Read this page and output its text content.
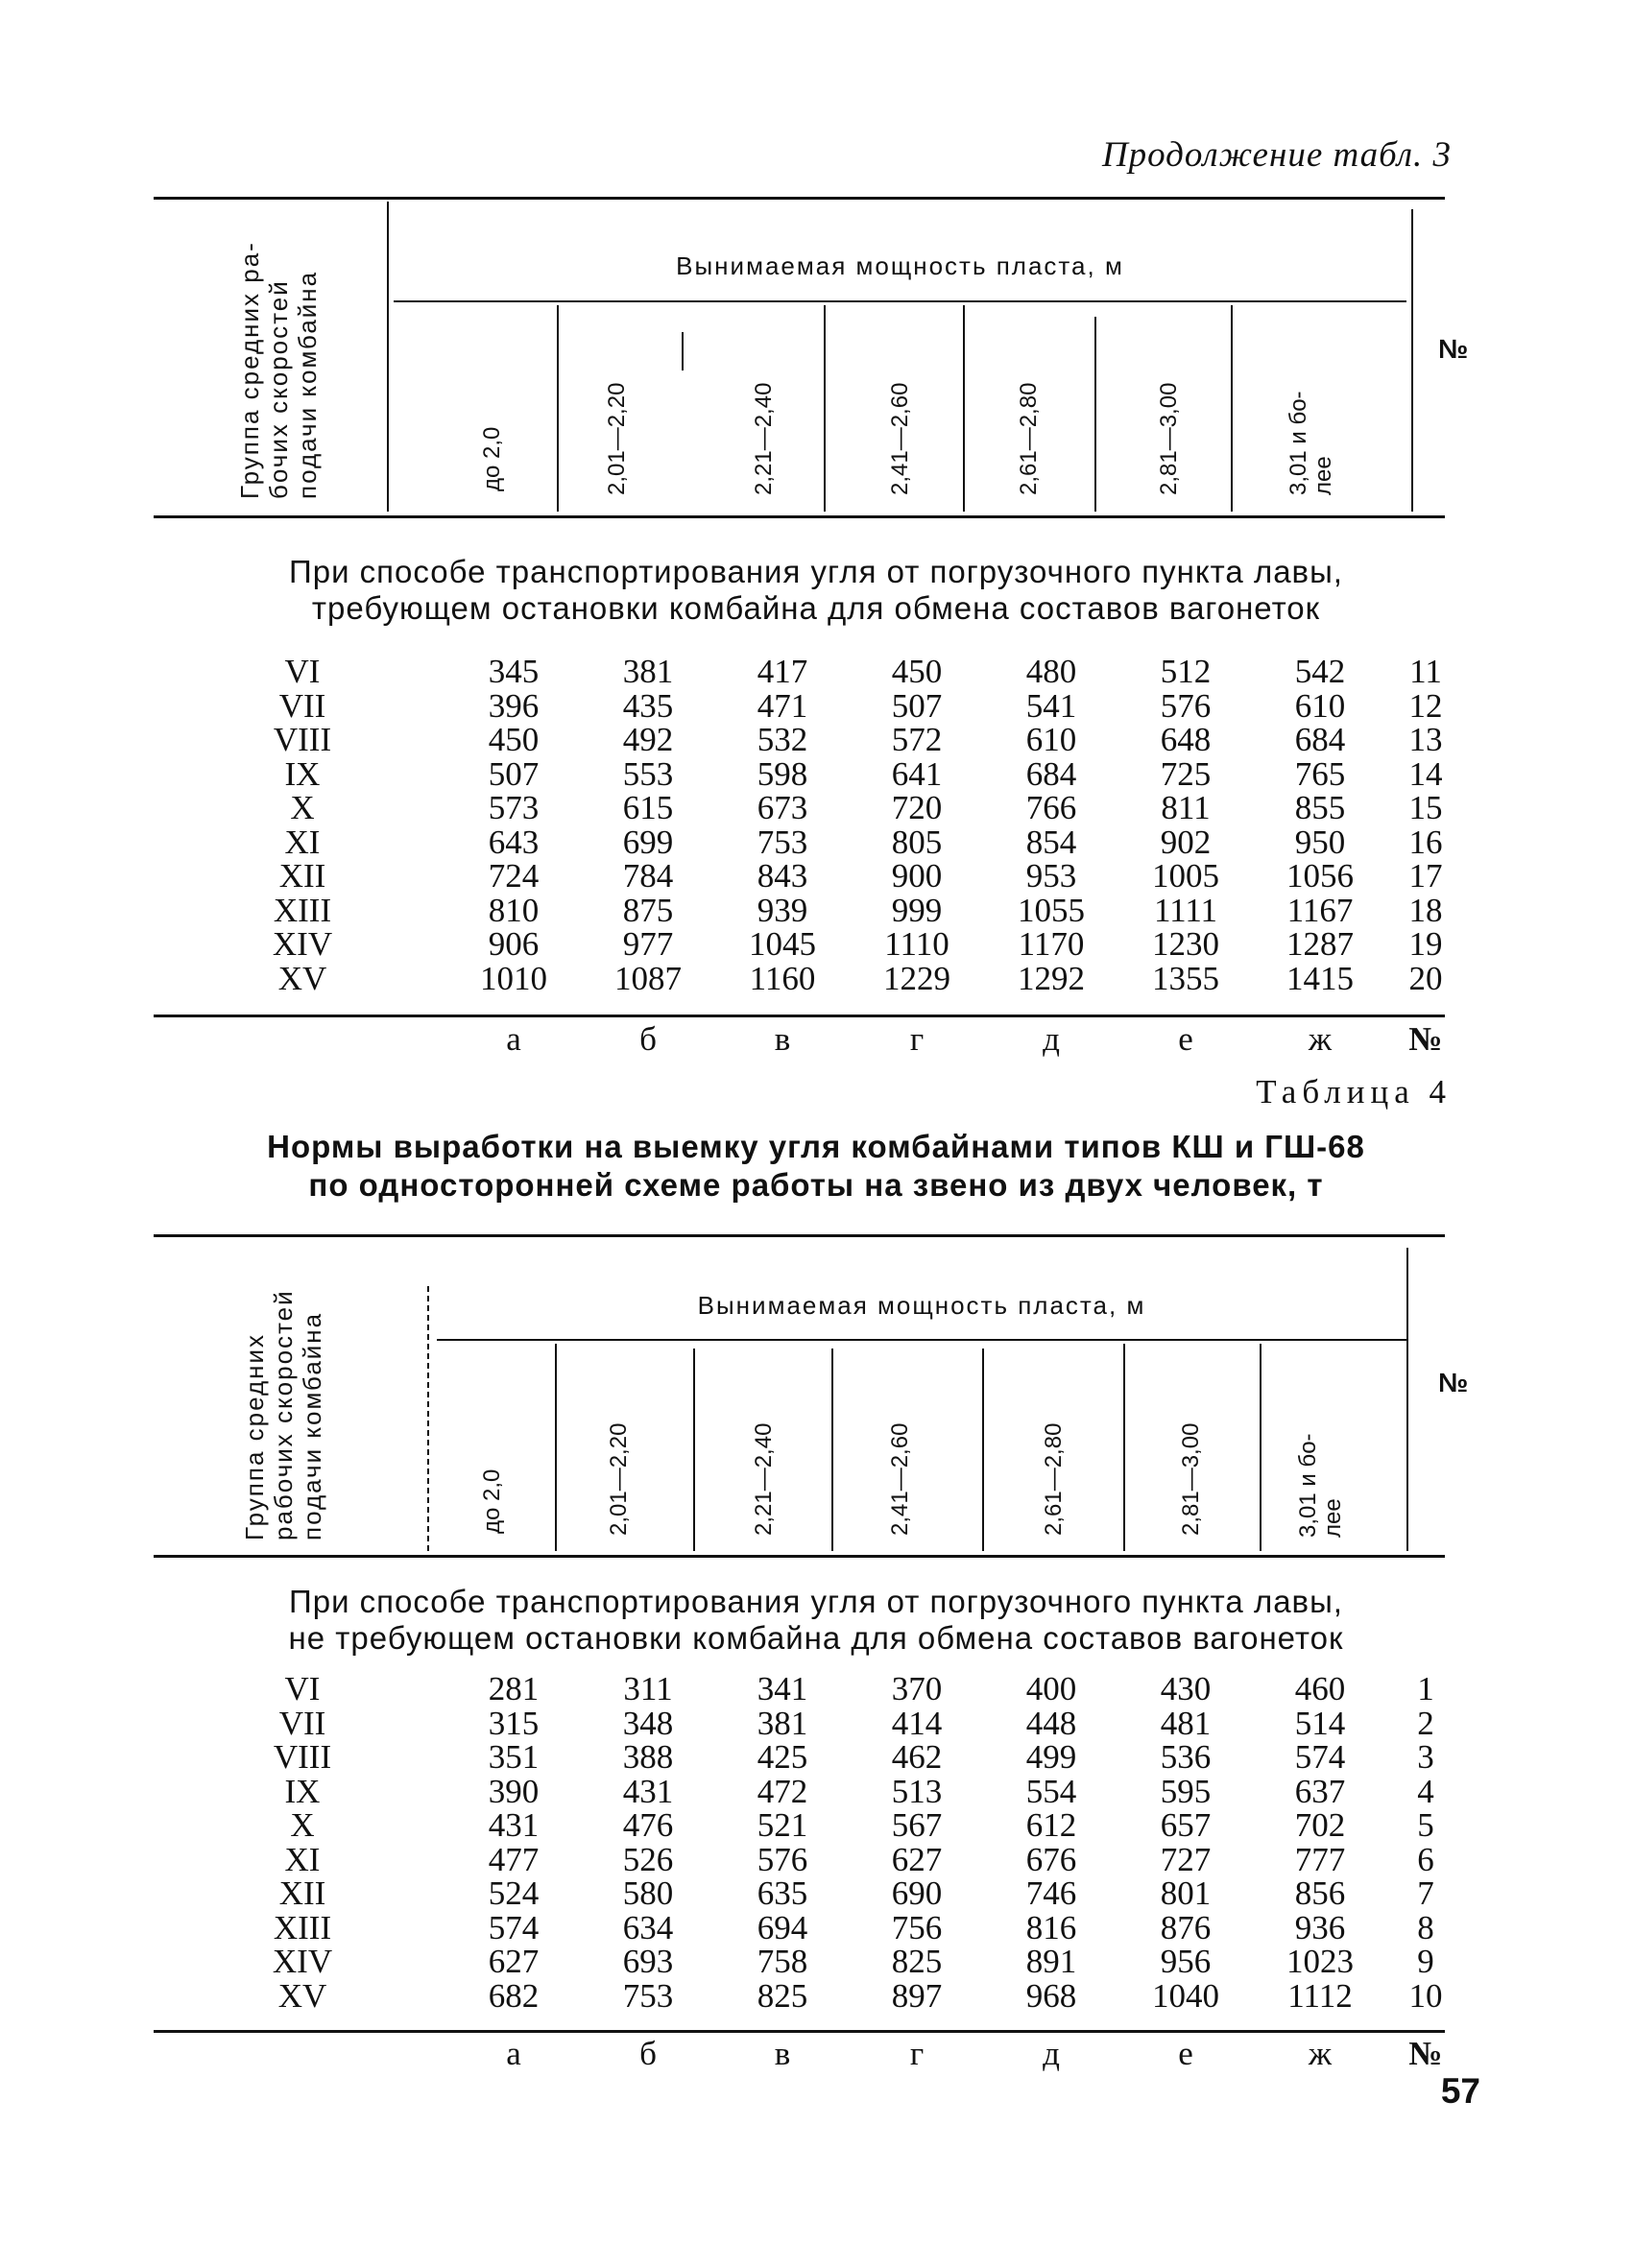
Продолжение табл. 3
Группа средних ра- бочих скоростей подачи комбайна
Вынимаемая мощность пласта, м
№
до 2,0	2,01—2,20	2,21—2,40	2,41—2,60	2,61—2,80	2,81—3,00	3,01 и бо- лее
При способе транспортирования угля от погрузочного пункта лавы,
требующем остановки комбайна для обмена составов вагонеток
VI	345	381	417	450	480	512	542	11
VII	396	435	471	507	541	576	610	12
VIII	450	492	532	572	610	648	684	13
IX	507	553	598	641	684	725	765	14
X	573	615	673	720	766	811	855	15
XI	643	699	753	805	854	902	950	16
XII	724	784	843	900	953	1005	1056	17
XIII	810	875	939	999	1055	1111	1167	18
XIV	906	977	1045	1110	1170	1230	1287	19
XV	1010	1087	1160	1229	1292	1355	1415	20
а	б	в	г	д	е	ж	№
Таблица 4
Нормы выработки на выемку угля комбайнами типов КШ и ГШ-68
по односторонней схеме работы на звено из двух человек, т
Группа средних рабочих скоростей подачи комбайна
Вынимаемая мощность пласта, м
№
до 2,0	2,01—2,20	2,21—2,40	2,41—2,60	2,61—2,80	2,81—3,00	3,01 и бо- лее
При способе транспортирования угля от погрузочного пункта лавы,
не требующем остановки комбайна для обмена составов вагонеток
VI	281	311	341	370	400	430	460	1
VII	315	348	381	414	448	481	514	2
VIII	351	388	425	462	499	536	574	3
IX	390	431	472	513	554	595	637	4
X	431	476	521	567	612	657	702	5
XI	477	526	576	627	676	727	777	6
XII	524	580	635	690	746	801	856	7
XIII	574	634	694	756	816	876	936	8
XIV	627	693	758	825	891	956	1023	9
XV	682	753	825	897	968	1040	1112	10
а	б	в	г	д	е	ж	№
57
